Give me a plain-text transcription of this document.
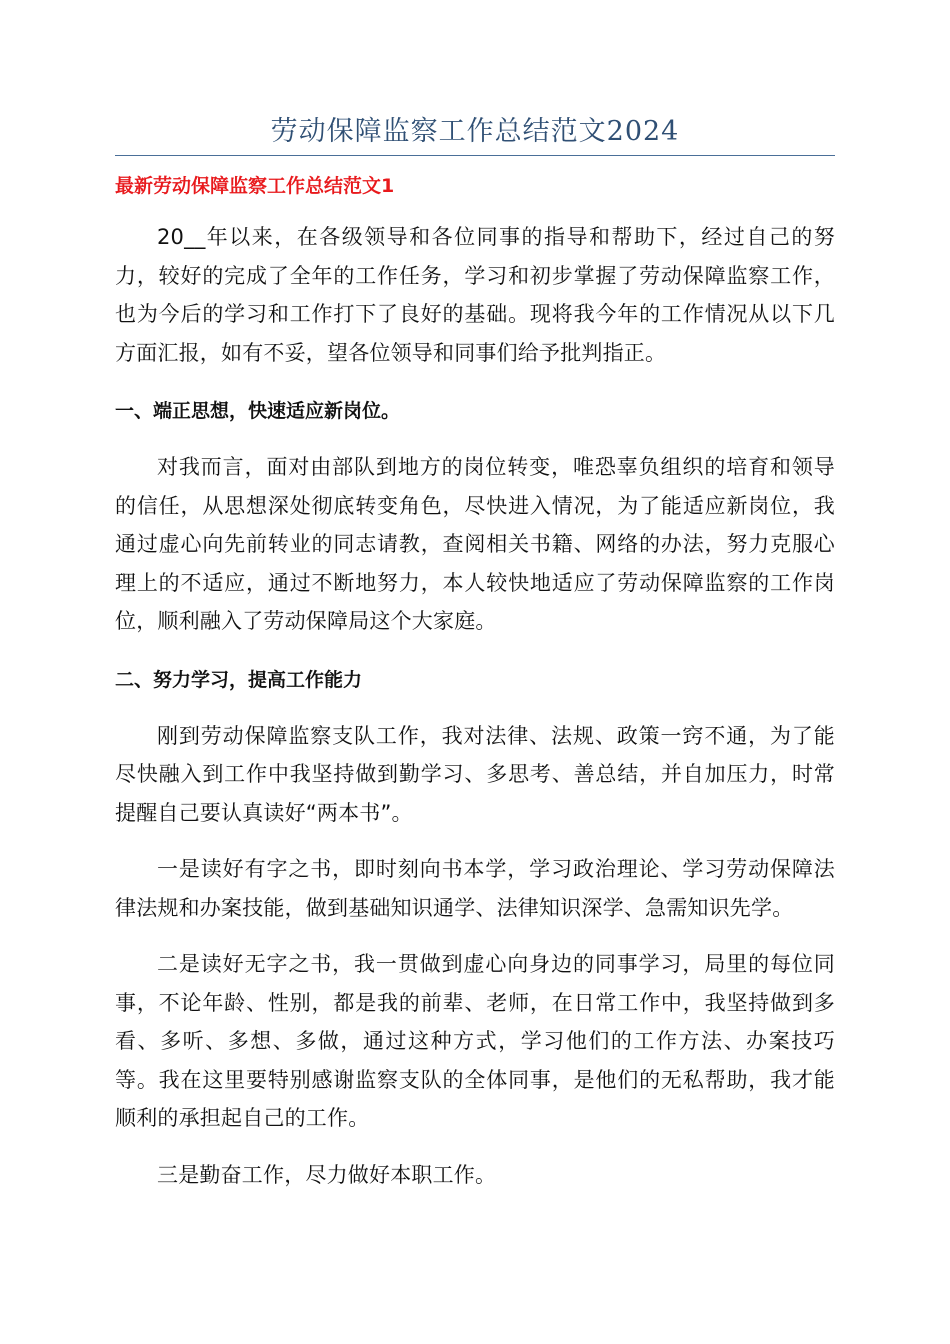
劳动保障监察工作总结范文2024

最新劳动保障监察工作总结范文1

20__年以来，在各级领导和各位同事的指导和帮助下，经过自己的努力，较好的完成了全年的工作任务，学习和初步掌握了劳动保障监察工作，也为今后的学习和工作打下了良好的基础。现将我今年的工作情况从以下几方面汇报，如有不妥，望各位领导和同事们给予批判指正。

一、端正思想，快速适应新岗位。

对我而言，面对由部队到地方的岗位转变，唯恐辜负组织的培育和领导的信任，从思想深处彻底转变角色，尽快进入情况，为了能适应新岗位，我通过虚心向先前转业的同志请教，查阅相关书籍、网络的办法，努力克服心理上的不适应，通过不断地努力，本人较快地适应了劳动保障监察的工作岗位，顺利融入了劳动保障局这个大家庭。

二、努力学习，提高工作能力

刚到劳动保障监察支队工作，我对法律、法规、政策一窍不通，为了能尽快融入到工作中我坚持做到勤学习、多思考、善总结，并自加压力，时常提醒自己要认真读好“两本书”。

一是读好有字之书，即时刻向书本学，学习政治理论、学习劳动保障法律法规和办案技能，做到基础知识通学、法律知识深学、急需知识先学。

二是读好无字之书，我一贯做到虚心向身边的同事学习，局里的每位同事，不论年龄、性别，都是我的前辈、老师，在日常工作中，我坚持做到多看、多听、多想、多做，通过这种方式，学习他们的工作方法、办案技巧等。我在这里要特别感谢监察支队的全体同事，是他们的无私帮助，我才能顺利的承担起自己的工作。

三是勤奋工作，尽力做好本职工作。
